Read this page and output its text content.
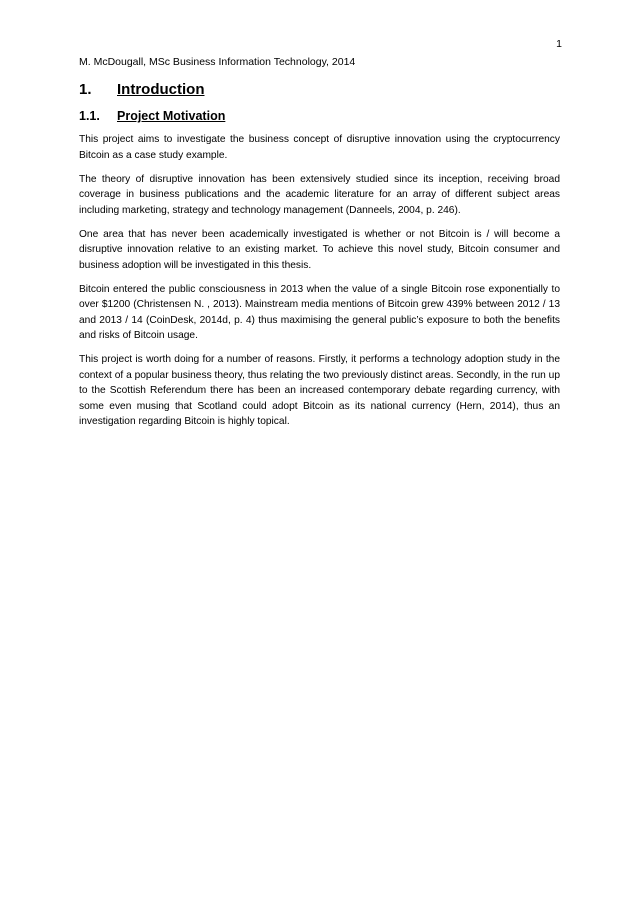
1
M. McDougall, MSc Business Information Technology, 2014
1.	Introduction
1.1.	Project Motivation

This project aims to investigate the business concept of disruptive innovation using the cryptocurrency Bitcoin as a case study example.

The theory of disruptive innovation has been extensively studied since its inception, receiving broad coverage in business publications and the academic literature for an array of different subject areas including marketing, strategy and technology management (Danneels, 2004, p. 246).

One area that has never been academically investigated is whether or not Bitcoin is / will become a disruptive innovation relative to an existing market. To achieve this novel study, Bitcoin consumer and business adoption will be investigated in this thesis.

Bitcoin entered the public consciousness in 2013 when the value of a single Bitcoin rose exponentially to over $1200 (Christensen N. , 2013). Mainstream media mentions of Bitcoin grew 439% between 2012 / 13 and 2013 / 14 (CoinDesk, 2014d, p. 4) thus maximising the general public’s exposure to both the benefits and risks of Bitcoin usage.

This project is worth doing for a number of reasons. Firstly, it performs a technology adoption study in the context of a popular business theory, thus relating the two previously distinct areas. Secondly, in the run up to the Scottish Referendum there has been an increased contemporary debate regarding currency, with some even musing that Scotland could adopt Bitcoin as its national currency (Hern, 2014), thus an investigation regarding Bitcoin is highly topical.
